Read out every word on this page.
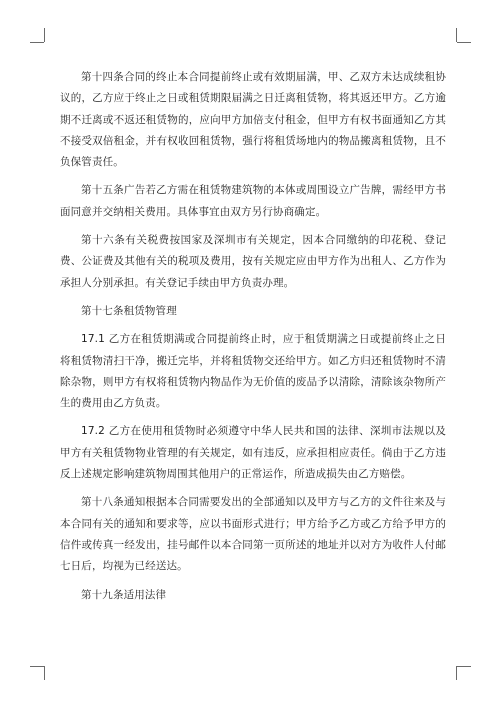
第十四条合同的终止本合同提前终止或有效期届满，甲、乙双方未达成续租协议的，乙方应于终止之日或租赁期限届满之日迁离租赁物，将其返还甲方。乙方逾期不迁离或不返还租赁物的，应向甲方加倍支付租金，但甲方有权书面通知乙方其不接受双倍租金，并有权收回租赁物，强行将租赁场地内的物品搬离租赁物，且不负保管责任。

第十五条广告若乙方需在租赁物建筑物的本体或周围设立广告牌，需经甲方书面同意并交纳相关费用。具体事宜由双方另行协商确定。

第十六条有关税费按国家及深圳市有关规定，因本合同缴纳的印花税、登记费、公证费及其他有关的税项及费用，按有关规定应由甲方作为出租人、乙方作为承担人分别承担。有关登记手续由甲方负责办理。

第十七条租赁物管理

17.1 乙方在租赁期满或合同提前终止时，应于租赁期满之日或提前终止之日将租赁物清扫干净，搬迁完毕，并将租赁物交还给甲方。如乙方归还租赁物时不清除杂物，则甲方有权将租赁物内物品作为无价值的废品予以清除，清除该杂物所产生的费用由乙方负责。

17.2 乙方在使用租赁物时必须遵守中华人民共和国的法律、深圳市法规以及甲方有关租赁物物业管理的有关规定，如有违反，应承担相应责任。倘由于乙方违反上述规定影响建筑物周围其他用户的正常运作，所造成损失由乙方赔偿。

第十八条通知根据本合同需要发出的全部通知以及甲方与乙方的文件往来及与本合同有关的通知和要求等，应以书面形式进行；甲方给予乙方或乙方给予甲方的信件或传真一经发出，挂号邮件以本合同第一页所述的地址并以对方为收件人付邮七日后，均视为已经送达。

第十九条适用法律
